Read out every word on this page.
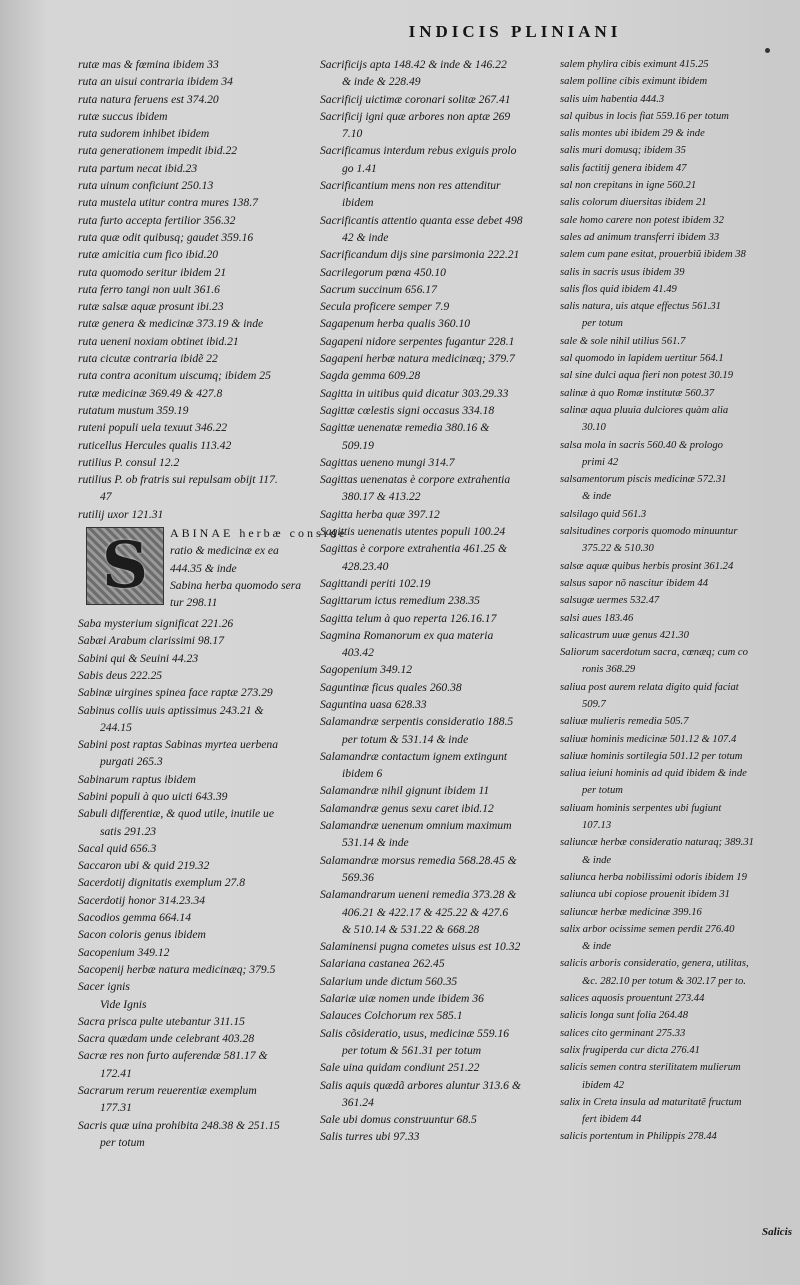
INDICIS PLINIANI
rutæ mas & fœmina ibidem 33
ruta an uisui contraria ibidem 34
ruta natura feruens est 374.20
rutæ succus ibidem
ruta sudorem inhibet ibidem
ruta generationem impedit ibid.22
ruta partum necat ibid.23
ruta uinum conficiunt 250.13
ruta mustela utitur contra mures 138.7
ruta furto accepta fertilior 356.32
ruta quæ odit quibusq; gaudet 359.16
rutæ amicitia cum fico ibid.20
ruta quomodo seritur ibidem 21
ruta ferro tangi non uult 361.6
rutæ salsæ aquæ prosunt ibi.23
rutæ genera & medicinæ 373.19 & inde
ruta ueneni noxiam obtinet ibid.21
ruta cicutæ contraria ibidẽ 22
ruta contra aconitum uiscumq; ibidem 25
rutæ medicinæ 369.49 & 427.8
rutatum mustum 359.19
ruteni populi uela texuut 346.22
ruticellus Hercules qualis 113.42
rutilius P. consul 12.2
rutilius P. ob fratris sui repulsam obijt 117.
47
rutilij uxor 121.31
S ABINAE herbæ conside
ratio & medicinæ ex ea
444.35 & inde
Sabina herba quomodo sera
tur 298.11
Saba mysterium significat 221.26
Sabæi Arabum clarissimi 98.17
Sabini qui & Seuini 44.23
Sabis deus 222.25
Sabinæ uirgines spinea face raptæ 273.29
Sabinus collis uuis aptissimus 243.21 &
244.15
Sabini post raptas Sabinas myrtea uerbena
purgati 265.3
Sabinarum raptus ibidem
Sabini populi à quo uicti 643.39
Sabuli differentiæ, & quod utile, inutile ue
satis 291.23
Sacal quid 656.3
Saccaron ubi & quid 219.32
Sacerdotij dignitatis exemplum 27.8
Sacerdotij honor 314.23.34
Sacodios gemma 664.14
Sacon coloris genus ibidem
Sacopenium 349.12
Sacopenij herbæ natura medicinæq; 379.5
Sacer ignis
Vide Ignis
Sacra prisca pulte utebantur 311.15
Sacra quædam unde celebrant 403.28
Sacræ res non furto auferendæ 581.17 &
172.41
Sacrarum rerum reuerentiæ exemplum
177.31
Sacris quæ uina prohibita 248.38 & 251.15
per totum
Sacrificijs apta 148.42 & inde & 146.22
& inde & 228.49
Sacrificij uictimæ coronari solitæ 267.41
Sacrificij igni quæ arbores non aptæ 269
7.10
Sacrificamus interdum rebus exiguis prolo
go 1.41
Sacrificantium mens non res attenditur
ibidem
Sacrificantis attentio quanta esse debet 498
42 & inde
Sacrificandum dijs sine parsimonia 222.21
Sacrilegorum pœna 450.10
Sacrum succinum 656.17
Secula proficere semper 7.9
Sagapenum herba qualis 360.10
Sagapeni nidore serpentes fugantur 228.1
Sagapeni herbæ natura medicinæq; 379.7
Sagda gemma 609.28
Sagitta in uitibus quid dicatur 303.29.33
Sagittæ cœlestis signi occasus 334.18
Sagittæ uenenatæ remedia 380.16 &
509.19
Sagittas ueneno mungi 314.7
Sagittas uenenatas è corpore extrahentia
380.17 & 413.22
Sagitta herba quæ 397.12
Sagittis uenenatis utentes populi 100.24
Sagittas è corpore extrahentia 461.25 &
428.23.40
Sagittandi periti 102.19
Sagittarum ictus remedium 238.35
Sagitta telum à quo reperta 126.16.17
Sagmina Romanorum ex qua materia
403.42
Sagopenium 349.12
Saguntinæ ficus quales 260.38
Saguntina uasa 628.33
Salamandræ serpentis consideratio 188.5
per totum & 531.14 & inde
Salamandræ contactum ignem extingunt
ibidem 6
Salamandræ nihil gignunt ibidem 11
Salamandræ genus sexu caret ibid.12
Salamandræ uenenum omnium maximum
531.14 & inde
Salamandræ morsus remedia 568.28.45 &
569.36
Salamandrarum ueneni remedia 373.28 &
406.21 & 422.17 & 425.22 & 427.6
& 510.14 & 531.22 & 668.28
Salaminensi pugna cometes uisus est 10.32
Salariana castanea 262.45
Salarium unde dictum 560.35
Salariæ uiæ nomen unde ibidem 36
Salauces Colchorum rex 585.1
Salis cõsideratio, usus, medicinæ 559.16
per totum & 561.31 per totum
Sale uina quidam condiunt 251.22
Salis aquis quædã arbores aluntur 313.6 &
361.24
Sale ubi domus construuntur 68.5
Salis turres ubi 97.33
salem phylira cibis eximunt 415.25
salem polline cibis eximunt ibidem
salis uim habentia 444.3
sal quibus in locis fiat 559.16 per totum
salis montes ubi ibidem 29 & inde
salis muri domusq; ibidem 35
salis factitij genera ibidem 47
sal non crepitans in igne 560.21
salis colorum diuersitas ibidem 21
sale homo carere non potest ibidem 32
sales ad animum transferri ibidem 33
salem cum pane esitat, prouerbiũ ibidem 38
salis in sacris usus ibidem 39
salis flos quid ibidem 41.49
salis natura, uis atque effectus 561.31
per totum
sale & sole nihil utilius 561.7
sal quomodo in lapidem uertitur 564.1
sal sine dulci aqua fieri non potest 30.19
salinæ à quo Romæ institutæ 560.37
salinæ aqua pluuia dulciores quàm alia
30.10
salsa mola in sacris 560.40 & prologo
primi 42
salsamentorum piscis medicinæ 572.31
& inde
salsilago quid 561.3
salsitudines corporis quomodo minuuntur
375.22 & 510.30
salsæ aquæ quibus herbis prosint 361.24
salsus sapor nõ nascitur ibidem 44
salsugæ uermes 532.47
salsi aues 183.46
salicastrum uuæ genus 421.30
Saliorum sacerdotum sacra, cœnæq; cum co
ronis 368.29
saliua post aurem relata digito quid faciat
509.7
saliuæ mulieris remedia 505.7
saliuæ hominis medicinæ 501.12 & 107.4
saliuæ hominis sortilegia 501.12 per totum
saliua ieiuni hominis ad quid ibidem & inde
per totum
saliuam hominis serpentes ubi fugiunt
107.13
saliuncæ herbæ consideratio naturaq; 389.31
& inde
saliunca herba nobilissimi odoris ibidem 19
saliunca ubi copiose prouenit ibidem 31
saliuncæ herbæ medicinæ 399.16
salix arbor ocissime semen perdit 276.40
& inde
salicis arboris consideratio, genera, utilitas,
&c. 282.10 per totum & 302.17 per to.
salices aquosis prouentunt 273.44
salicis longa sunt folia 264.48
salices cito germinant 275.33
salix frugiperda cur dicta 276.41
salicis semen contra sterilitatem mulierum
ibidem 42
salix in Creta insula ad maturitatẽ fructum
fert ibidem 44
salicis portentum in Philippis 278.44
Salicis
